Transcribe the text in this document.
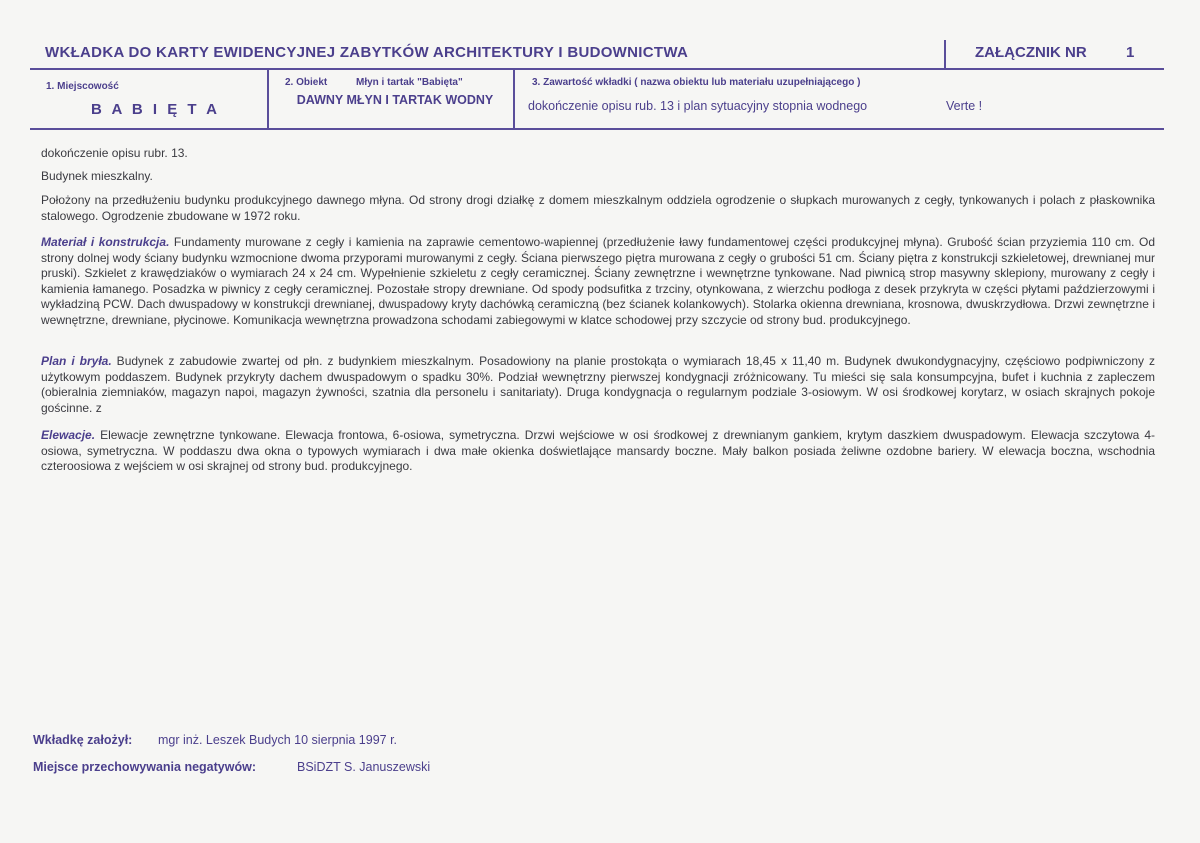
WKŁADKA DO KARTY EWIDENCYJNEJ ZABYTKÓW ARCHITEKTURY I BUDOWNICTWA	ZAŁĄCZNIK NR	1
1. Miejscowość
B A B I Ę T A
2. Obiekt	Młyn i tartak "Babięta"
DAWNY MŁYN I TARTAK WODNY
3. Zawartość wkładki ( nazwa obiektu lub materiału uzupełniającego )
dokończenie opisu rub. 13 i plan sytuacyjny stopnia wodnego	Verte !
dokończenie opisu rubr. 13.
Budynek mieszkalny.
Położony na przedłużeniu budynku produkcyjnego dawnego młyna. Od strony drogi działkę z domem mieszkalnym oddziela ogrodzenie o słupkach murowanych z cegły, tynkowanych i polach z płaskownika stalowego. Ogrodzenie zbudowane w 1972 roku.
Materiał i konstrukcja. Fundamenty murowane z cegły i kamienia na zaprawie cementowo-wapiennej (przedłużenie ławy fundamentowej części produkcyjnej młyna). Grubość ścian przyziemia 110 cm. Od strony dolnej wody ściany budynku wzmocnione dwoma przyporami murowanymi z cegły. Ściana pierwszego piętra murowana z cegły o grubości 51 cm. Ściany piętra z konstrukcji szkieletowej, drewnianej mur pruski). Szkielet z krawędziaków o wymiarach 24 x 24 cm. Wypełnienie szkieletu z cegły ceramicznej. Ściany zewnętrzne i wewnętrzne tynkowane. Nad piwnicą strop masywny sklepiony, murowany z cegły i kamienia łamanego. Posadzka w piwnicy z cegły ceramicznej. Pozostałe stropy drewniane. Od spody podsufitka z trzciny, otynkowana, z wierzchu podłoga z desek przykryta w części płytami paździerzowymi i wykładziną PCW. Dach dwuspadowy w konstrukcji drewnianej, dwuspadowy kryty dachówką ceramiczną (bez ścianek kolankowych). Stolarka okienna drewniana, krosnowa, dwuskrzydłowa. Drzwi zewnętrzne i wewnętrzne, drewniane, płycinowe. Komunikacja wewnętrzna prowadzona schodami zabiegowymi w klatce schodowej przy szczycie od strony bud. produkcyjnego.
Plan i bryła. Budynek z zabudowie zwartej od płn. z budynkiem mieszkalnym. Posadowiony na planie prostokąta o wymiarach 18,45 x 11,40 m. Budynek dwukondygnacyjny, częściowo podpiwniczony z użytkowym poddaszem. Budynek przykryty dachem dwuspadowym o spadku 30%. Podział wewnętrzny pierwszej kondygnacji zróżnicowany. Tu mieści się sala konsumpcyjna, bufet i kuchnia z zapleczem (obieralnia ziemniaków, magazyn napoi, magazyn żywności, szatnia dla personelu i sanitariaty). Druga kondygnacja o regularnym podziale 3-osiowym. W osi środkowej korytarz, w osiach skrajnych pokoje gościnne. z
Elewacje. Elewacje zewnętrzne tynkowane. Elewacja frontowa, 6-osiowa, symetryczna. Drzwi wejściowe w osi środkowej z drewnianym gankiem, krytym daszkiem dwuspadowym. Elewacja szczytowa 4-osiowa, symetryczna. W poddaszu dwa okna o typowych wymiarach i dwa małe okienka doświetlające mansardy boczne. Mały balkon posiada żeliwne ozdobne bariery. W elewacja boczna, wschodnia czteroosiowa z wejściem w osi skrajnej od strony bud. produkcyjnego.
Wkładkę założył: mgr inż. Leszek Budych 10 sierpnia 1997 r.
Miejsce przechowywania negatywów:	BSiDZT S. Januszewski
